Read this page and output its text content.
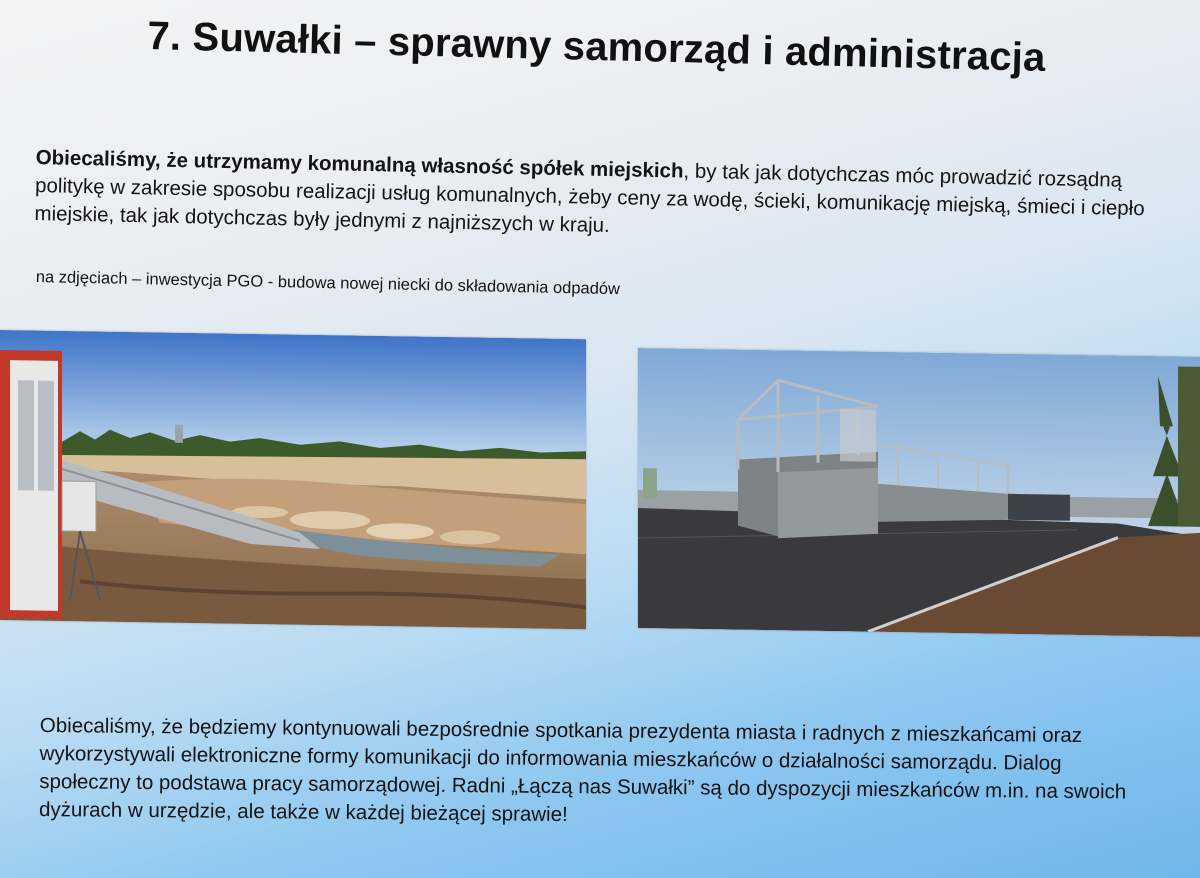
7. Suwałki – sprawny samorząd i administracja
Obiecaliśmy, że utrzymamy komunalną własność spółek miejskich, by tak jak dotychczas móc prowadzić rozsądną politykę w zakresie sposobu realizacji usług komunalnych, żeby ceny za wodę, ścieki, komunikację miejską, śmieci i ciepło miejskie, tak jak dotychczas były jednymi z najniższych w kraju.
na zdjęciach – inwestycja PGO - budowa nowej niecki do składowania odpadów
Obiecaliśmy, że będziemy kontynuowali bezpośrednie spotkania prezydenta miasta i radnych z mieszkańcami oraz wykorzystywali elektroniczne formy komunikacji do informowania mieszkańców o działalności samorządu. Dialog społeczny to podstawa pracy samorządowej. Radni „Łączą nas Suwałki” są do dyspozycji mieszkańców m.in. na swoich dyżurach w urzędzie, ale także w każdej bieżącej sprawie!
